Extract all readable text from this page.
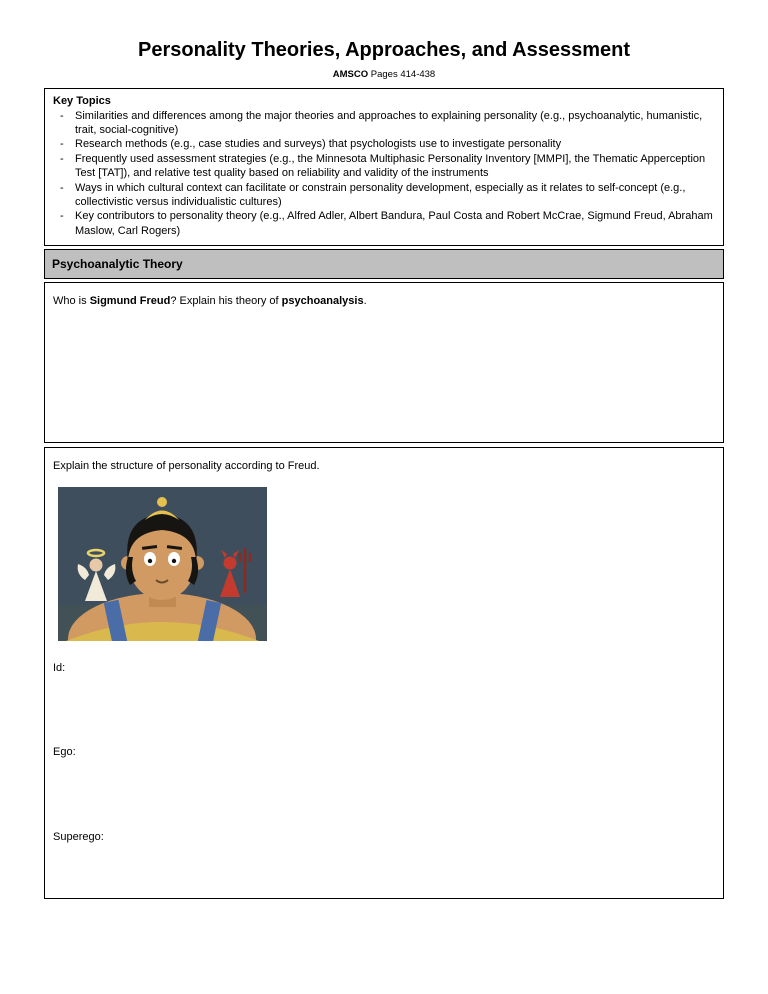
Personality Theories, Approaches, and Assessment
AMSCO Pages 414-438
Key Topics
-	Similarities and differences among the major theories and approaches to explaining personality (e.g., psychoanalytic, humanistic, trait, social-cognitive)
-	Research methods (e.g., case studies and surveys) that psychologists use to investigate personality
-	Frequently used assessment strategies (e.g., the Minnesota Multiphasic Personality Inventory [MMPI], the Thematic Apperception Test [TAT]), and relative test quality based on reliability and validity of the instruments
-	Ways in which cultural context can facilitate or constrain personality development, especially as it relates to self-concept (e.g., collectivistic versus individualistic cultures)
-	Key contributors to personality theory (e.g., Alfred Adler, Albert Bandura, Paul Costa and Robert McCrae, Sigmund Freud, Abraham Maslow, Carl Rogers)
Psychoanalytic Theory

Who is Sigmund Freud? Explain his theory of psychoanalysis.

Explain the structure of personality according to Freud.

Id:

Ego:

Superego:
